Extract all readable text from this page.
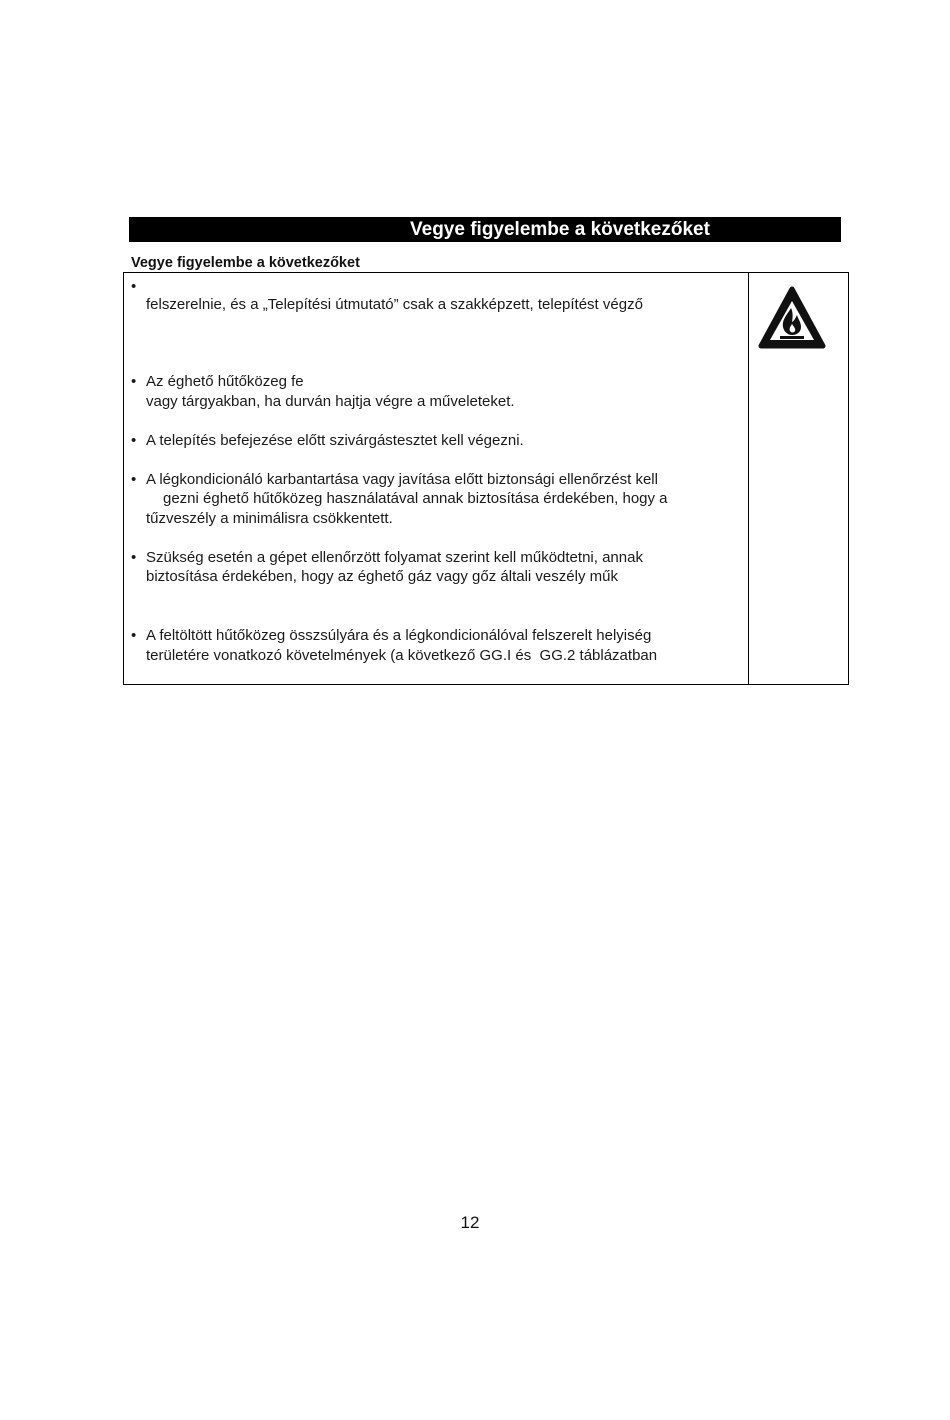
Vegye figyelembe a következőket
Vegye figyelembe a következőket
•
felszerelnie, és a „Telepítési útmutató” csak a szakképzett, telepítést végző
• Az éghető hűtőközeg fe
vagy tárgyakban, ha durván hajtja végre a műveleteket.
• A telepítés befejezése előtt szivárgástesztet kell végezni.
• A légkondicionáló karbantartása vagy javítása előtt biztonsági ellenőrzést kell
gezni éghető hűtőközeg használatával annak biztosítása érdekében, hogy a
tűzveszély a minimálisra csökkentett.
• Szükség esetén a gépet ellenőrzött folyamat szerint kell működtetni, annak
biztosítása érdekében, hogy az éghető gáz vagy gőz általi veszély műk
• A feltöltött hűtőközeg összsúlyára és a légkondicionálóval felszerelt helyiség
területére vonatkozó követelmények (a következő GG.I és  GG.2 táblázatban
12
